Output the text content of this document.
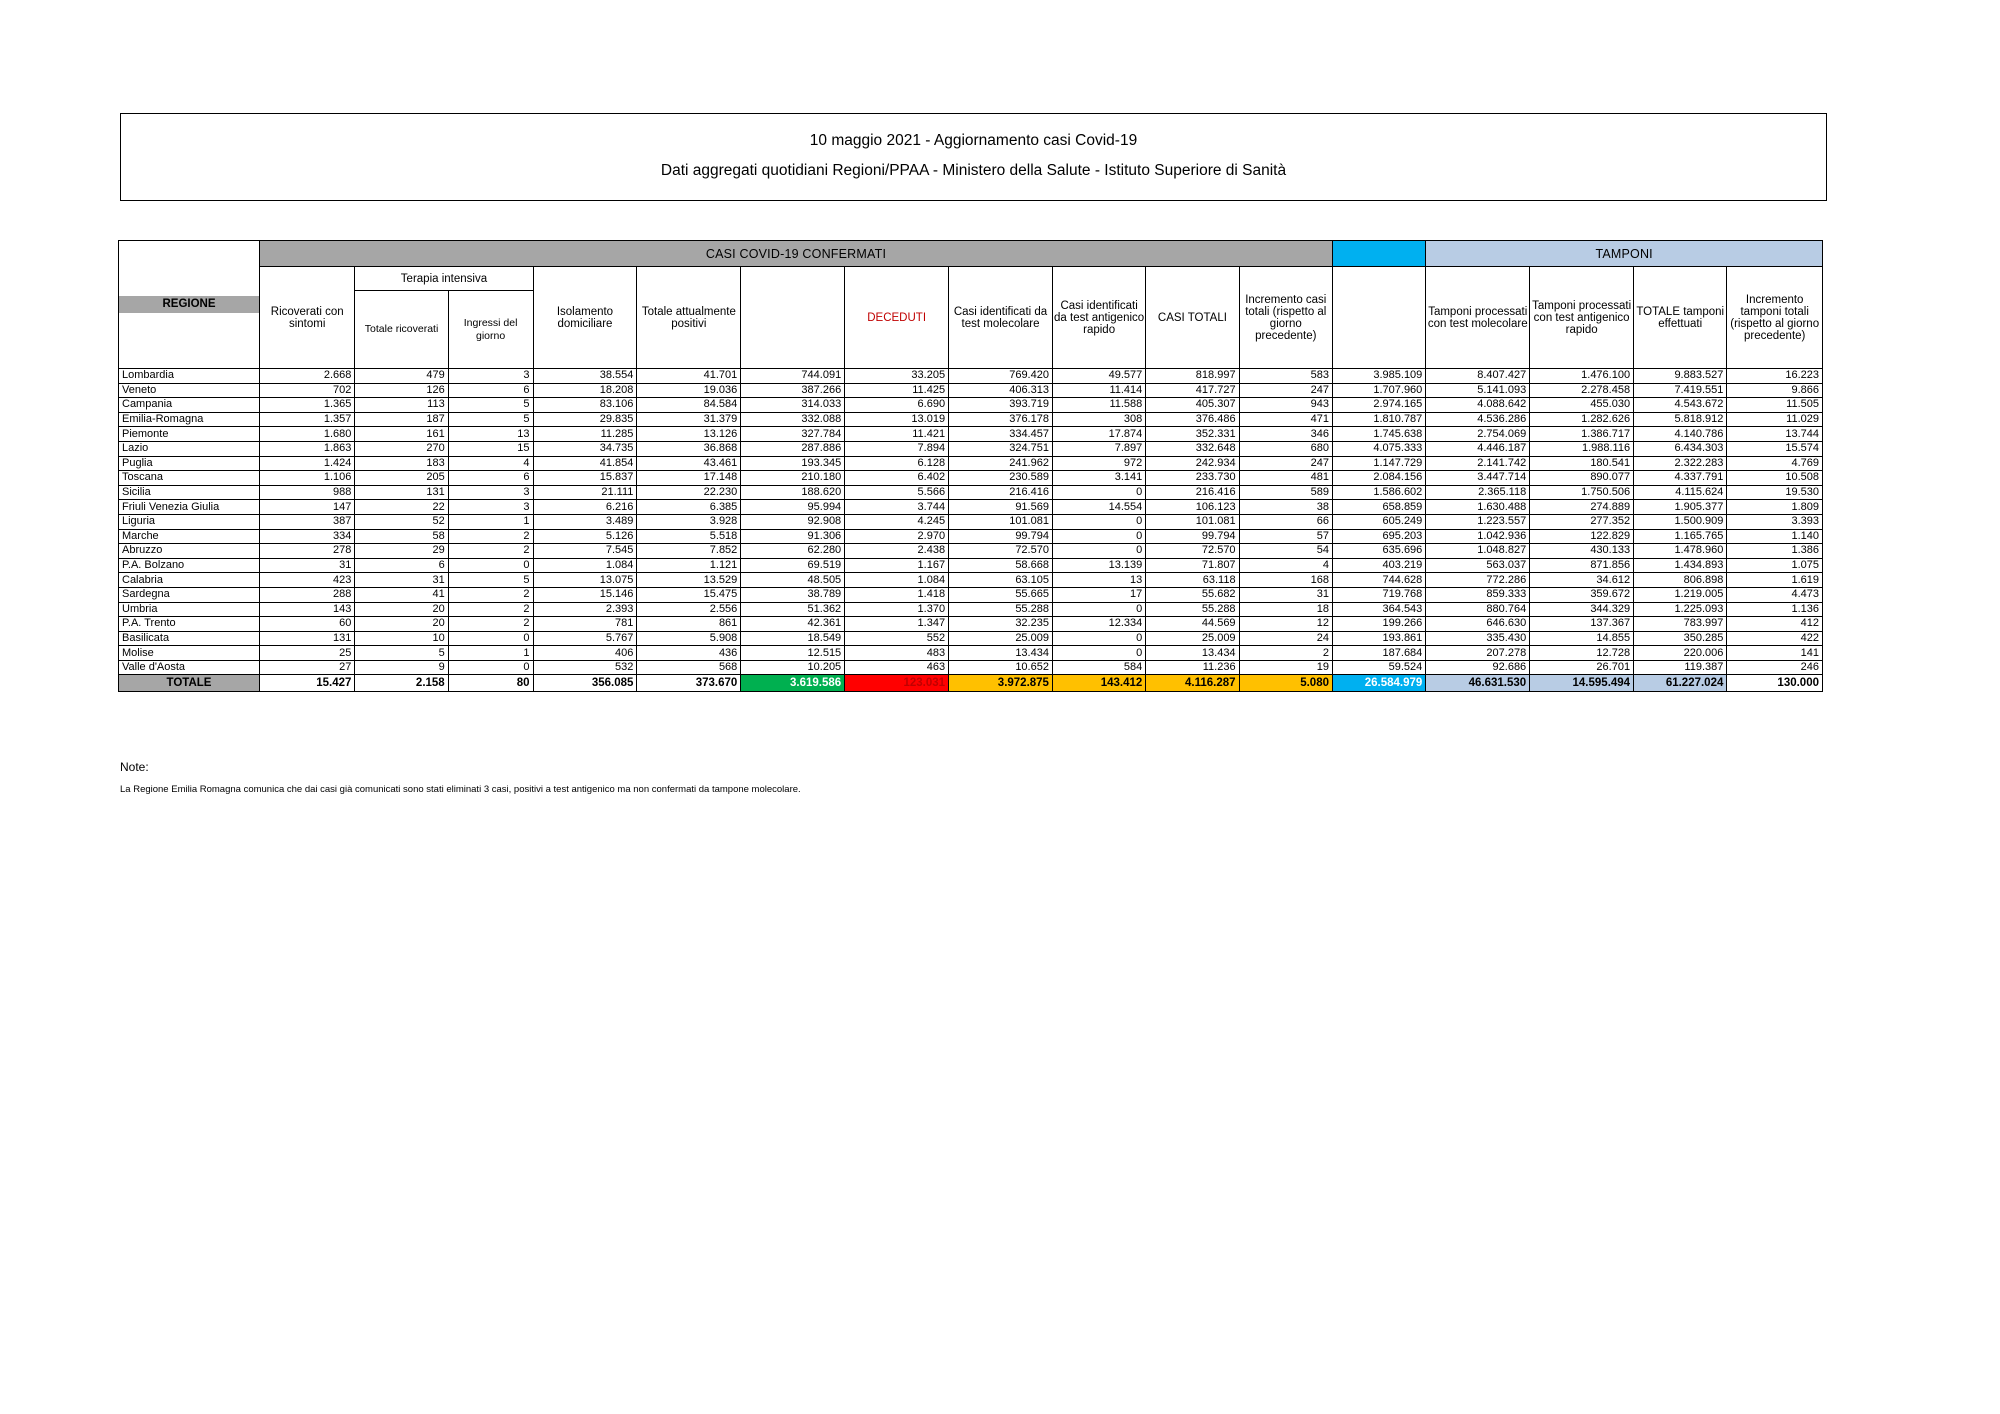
10 maggio 2021 - Aggiornamento casi Covid-19
Dati aggregati quotidiani Regioni/PPAA - Ministero della Salute - Istituto Superiore di Sanità
REGIONE	CASI COVID-19 CONFERMATI												TAMPONI			
	Ricoverati con sintomi	Terapia intensiva		Isolamento domiciliare	Totale attualmente positivi	DIMESSI GUARITI	DECEDUTI	Casi identificati da test molecolare	Casi identificati da test antigenico rapido	CASI TOTALI	Incremento casi totali (rispetto al giorno precedente)	Totale persone testate	Tamponi processati con test molecolare	Tamponi processati con test antigenico rapido	TOTALE tamponi effettuati	Incremento tamponi totali (rispetto al giorno precedente)
		Totale ricoverati	Ingressi del giorno													
Lombardia	2.668	479	3	38.554	41.701	744.091	33.205	769.420	49.577	818.997	583	3.985.109	8.407.427	1.476.100	9.883.527	16.223
Veneto	702	126	6	18.208	19.036	387.266	11.425	406.313	11.414	417.727	247	1.707.960	5.141.093	2.278.458	7.419.551	9.866
Campania	1.365	113	5	83.106	84.584	314.033	6.690	393.719	11.588	405.307	943	2.974.165	4.088.642	455.030	4.543.672	11.505
Emilia-Romagna	1.357	187	5	29.835	31.379	332.088	13.019	376.178	308	376.486	471	1.810.787	4.536.286	1.282.626	5.818.912	11.029
Piemonte	1.680	161	13	11.285	13.126	327.784	11.421	334.457	17.874	352.331	346	1.745.638	2.754.069	1.386.717	4.140.786	13.744
Lazio	1.863	270	15	34.735	36.868	287.886	7.894	324.751	7.897	332.648	680	4.075.333	4.446.187	1.988.116	6.434.303	15.574
Puglia	1.424	183	4	41.854	43.461	193.345	6.128	241.962	972	242.934	247	1.147.729	2.141.742	180.541	2.322.283	4.769
Toscana	1.106	205	6	15.837	17.148	210.180	6.402	230.589	3.141	233.730	481	2.084.156	3.447.714	890.077	4.337.791	10.508
Sicilia	988	131	3	21.111	22.230	188.620	5.566	216.416	0	216.416	589	1.586.602	2.365.118	1.750.506	4.115.624	19.530
Friuli Venezia Giulia	147	22	3	6.216	6.385	95.994	3.744	91.569	14.554	106.123	38	658.859	1.630.488	274.889	1.905.377	1.809
Liguria	387	52	1	3.489	3.928	92.908	4.245	101.081	0	101.081	66	605.249	1.223.557	277.352	1.500.909	3.393
Marche	334	58	2	5.126	5.518	91.306	2.970	99.794	0	99.794	57	695.203	1.042.936	122.829	1.165.765	1.140
Abruzzo	278	29	2	7.545	7.852	62.280	2.438	72.570	0	72.570	54	635.696	1.048.827	430.133	1.478.960	1.386
P.A. Bolzano	31	6	0	1.084	1.121	69.519	1.167	58.668	13.139	71.807	4	403.219	563.037	871.856	1.434.893	1.075
Calabria	423	31	5	13.075	13.529	48.505	1.084	63.105	13	63.118	168	744.628	772.286	34.612	806.898	1.619
Sardegna	288	41	2	15.146	15.475	38.789	1.418	55.665	17	55.682	31	719.768	859.333	359.672	1.219.005	4.473
Umbria	143	20	2	2.393	2.556	51.362	1.370	55.288	0	55.288	18	364.543	880.764	344.329	1.225.093	1.136
P.A. Trento	60	20	2	781	861	42.361	1.347	32.235	12.334	44.569	12	199.266	646.630	137.367	783.997	412
Basilicata	131	10	0	5.767	5.908	18.549	552	25.009	0	25.009	24	193.861	335.430	14.855	350.285	422
Molise	25	5	1	406	436	12.515	483	13.434	0	13.434	2	187.684	207.278	12.728	220.006	141
Valle d'Aosta	27	9	0	532	568	10.205	463	10.652	584	11.236	19	59.524	92.686	26.701	119.387	246
TOTALE	15.427	2.158	80	356.085	373.670	3.619.586	123.031	3.972.875	143.412	4.116.287	5.080	26.584.979	46.631.530	14.595.494	61.227.024	130.000
Note:
La Regione Emilia Romagna comunica che dai casi già comunicati sono stati eliminati 3 casi, positivi a test antigenico ma non confermati da tampone molecolare.
